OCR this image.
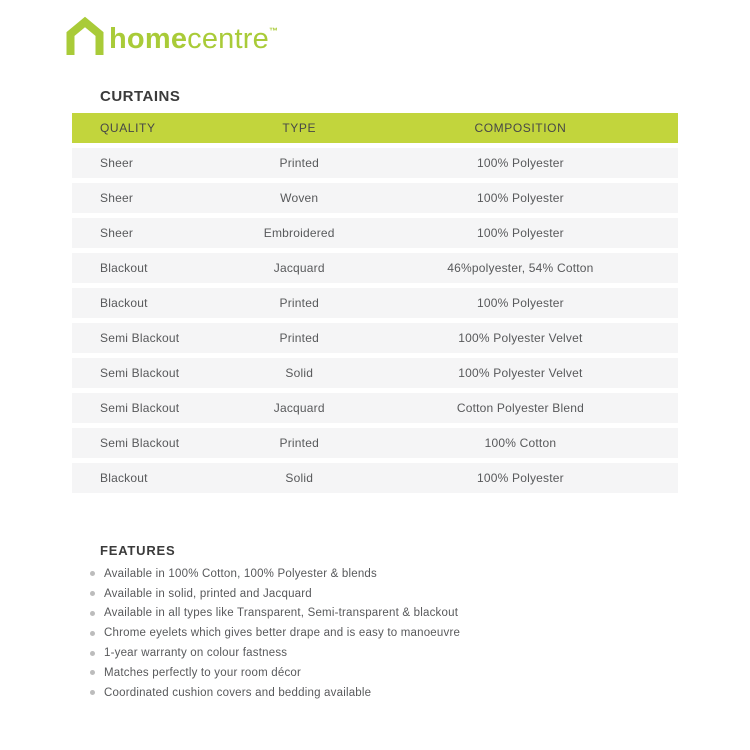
homecentre™
CURTAINS
QUALITY	TYPE	COMPOSITION
Sheer	Printed	100% Polyester
Sheer	Woven	100% Polyester
Sheer	Embroidered	100% Polyester
Blackout	Jacquard	46%polyester, 54% Cotton
Blackout	Printed	100% Polyester
Semi Blackout	Printed	100% Polyester Velvet
Semi Blackout	Solid	100% Polyester Velvet
Semi Blackout	Jacquard	Cotton Polyester Blend
Semi Blackout	Printed	100% Cotton
Blackout	Solid	100% Polyester
FEATURES
Available in 100% Cotton, 100% Polyester & blends
Available in solid, printed and Jacquard
Available in all types like Transparent, Semi-transparent & blackout
Chrome eyelets which gives better drape and is easy to manoeuvre
1-year warranty on colour fastness
Matches perfectly to your room décor
Coordinated cushion covers and bedding available
